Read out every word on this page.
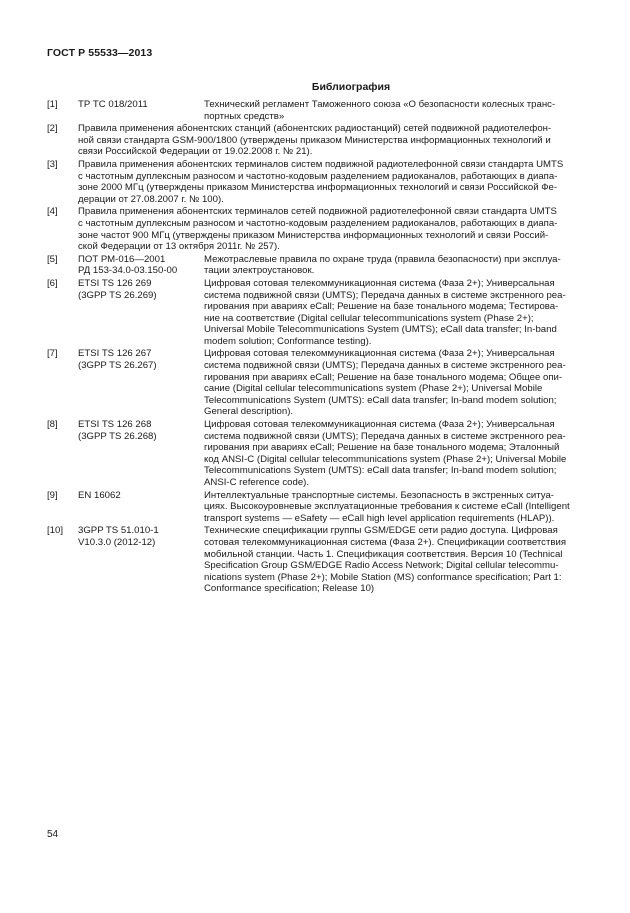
ГОСТ Р 55533—2013
Библиография
[1] ТР ТС 018/2011	Технический регламент Таможенного союза «О безопасности колесных транс-
портных средств»
[2] Правила применения абонентских станций (абонентских радиостанций) сетей подвижной радиотелефон-
ной связи стандарта GSM-900/1800 (утверждены приказом Министерства информационных технологий и
связи Российской Федерации от 19.02.2008 г. № 21).
[3] Правила применения абонентских терминалов систем подвижной радиотелефонной связи стандарта UMTS
с частотным дуплексным разносом и частотно-кодовым разделением радиоканалов, работающих в диапа-
зоне 2000 МГц (утверждены приказом Министерства информационных технологий и связи Российской Фе-
дерации от 27.08.2007 г. № 100).
[4] Правила применения абонентских терминалов сетей подвижной радиотелефонной связи стандарта UMTS
с частотным дуплексным разносом и частотно-кодовым разделением радиоканалов, работающих в диапа-
зоне частот 900 МГц (утверждены приказом Министерства информационных технологий и связи Россий-
ской Федерации от 13 октября 2011г. № 257).
[5] ПОТ РМ-016—2001
РД 153-34.0-03.150-00
Межотраслевые правила по охране труда (правила безопасности) при эксплуа-
тации электроустановок.
[6] ETSI TS 126 269
(3GPP TS 26.269)
Цифровая сотовая телекоммуникационная система (Фаза 2+); Универсальная
система подвижной связи (UMTS); Передача данных в системе экстренного реа-
гирования при авариях eCall; Решение на базе тонального модема; Тестирова-
ние на соответствие (Digital cellular telecommunications system (Phase 2+);
Universal Mobile Telecommunications System (UMTS); eCall data transfer; In-band
modem solution; Conformance testing).
[7] ETSI TS 126 267
(3GPP TS 26.267)
Цифровая сотовая телекоммуникационная система (Фаза 2+); Универсальная
система подвижной связи (UMTS); Передача данных в системе экстренного реа-
гирования при авариях eCall; Решение на базе тонального модема; Общее опи-
сание (Digital cellular telecommunications system (Phase 2+); Universal Mobile
Telecommunications System (UMTS): eCall data transfer; In-band modem solution;
General description).
[8] ETSI TS 126 268
(3GPP TS 26.268)
Цифровая сотовая телекоммуникационная система (Фаза 2+); Универсальная
система подвижной связи (UMTS); Передача данных в системе экстренного реа-
гирования при авариях eCall; Решение на базе тонального модема; Эталонный
код ANSI-C (Digital cellular telecommunications system (Phase 2+); Universal Mobile
Telecommunications System (UMTS): eCall data transfer; In-band modem solution;
ANSI-C reference code).
[9] EN 16062	Интеллектуальные транспортные системы. Безопасность в экстренных ситуа-
циях. Высокоуровневые эксплуатационные требования к системе eCall (Intelligent
transport systems — eSafety — eCall high level application requirements (HLAP)).
[10] 3GPP TS 51.010-1
V10.3.0 (2012-12)
Технические спецификации группы GSM/EDGE сети радио доступа. Цифровая
сотовая телекоммуникационная система (Фаза 2+). Спецификации соответствия
мобильной станции. Часть 1. Спецификация соответствия. Версия 10 (Technical
Specification Group GSM/EDGE Radio Access Network; Digital cellular telecommu-
nications system (Phase 2+); Mobile Station (MS) conformance specification; Part 1:
Conformance specification; Release 10)
54
